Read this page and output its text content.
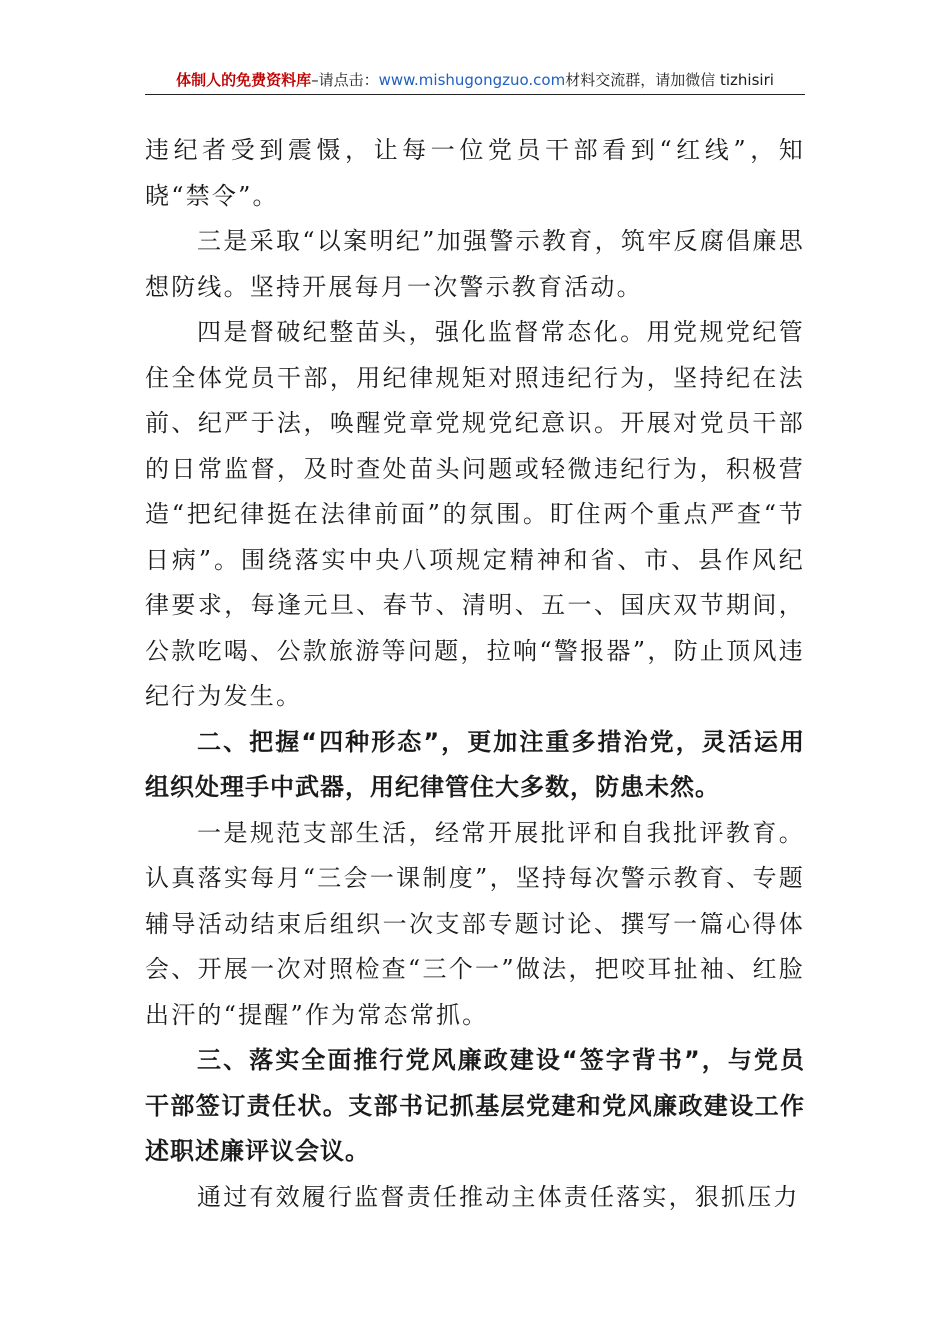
体制人的免费资料库–请点击：www.mishugongzuo.com材料交流群，请加微信 tizhisiri

违纪者受到震慑，让每一位党员干部看到“红线”，知晓“禁令”。

三是采取“以案明纪”加强警示教育，筑牢反腐倡廉思想防线。坚持开展每月一次警示教育活动。

四是督破纪整苗头，强化监督常态化。用党规党纪管住全体党员干部，用纪律规矩对照违纪行为，坚持纪在法前、纪严于法，唤醒党章党规党纪意识。开展对党员干部的日常监督，及时查处苗头问题或轻微违纪行为，积极营造“把纪律挺在法律前面”的氛围。盯住两个重点严查“节日病”。围绕落实中央八项规定精神和省、市、县作风纪律要求，每逢元旦、春节、清明、五一、国庆双节期间，公款吃喝、公款旅游等问题，拉响“警报器”，防止顶风违纪行为发生。

二、把握“四种形态”，更加注重多措治党，灵活运用组织处理手中武器，用纪律管住大多数，防患未然。

一是规范支部生活，经常开展批评和自我批评教育。认真落实每月“三会一课制度”，坚持每次警示教育、专题辅导活动结束后组织一次支部专题讨论、撰写一篇心得体会、开展一次对照检查“三个一”做法，把咬耳扯袖、红脸出汗的“提醒”作为常态常抓。

三、落实全面推行党风廉政建设“签字背书”，与党员干部签订责任状。支部书记抓基层党建和党风廉政建设工作述职述廉评议会议。

通过有效履行监督责任推动主体责任落实，狠抓压力
